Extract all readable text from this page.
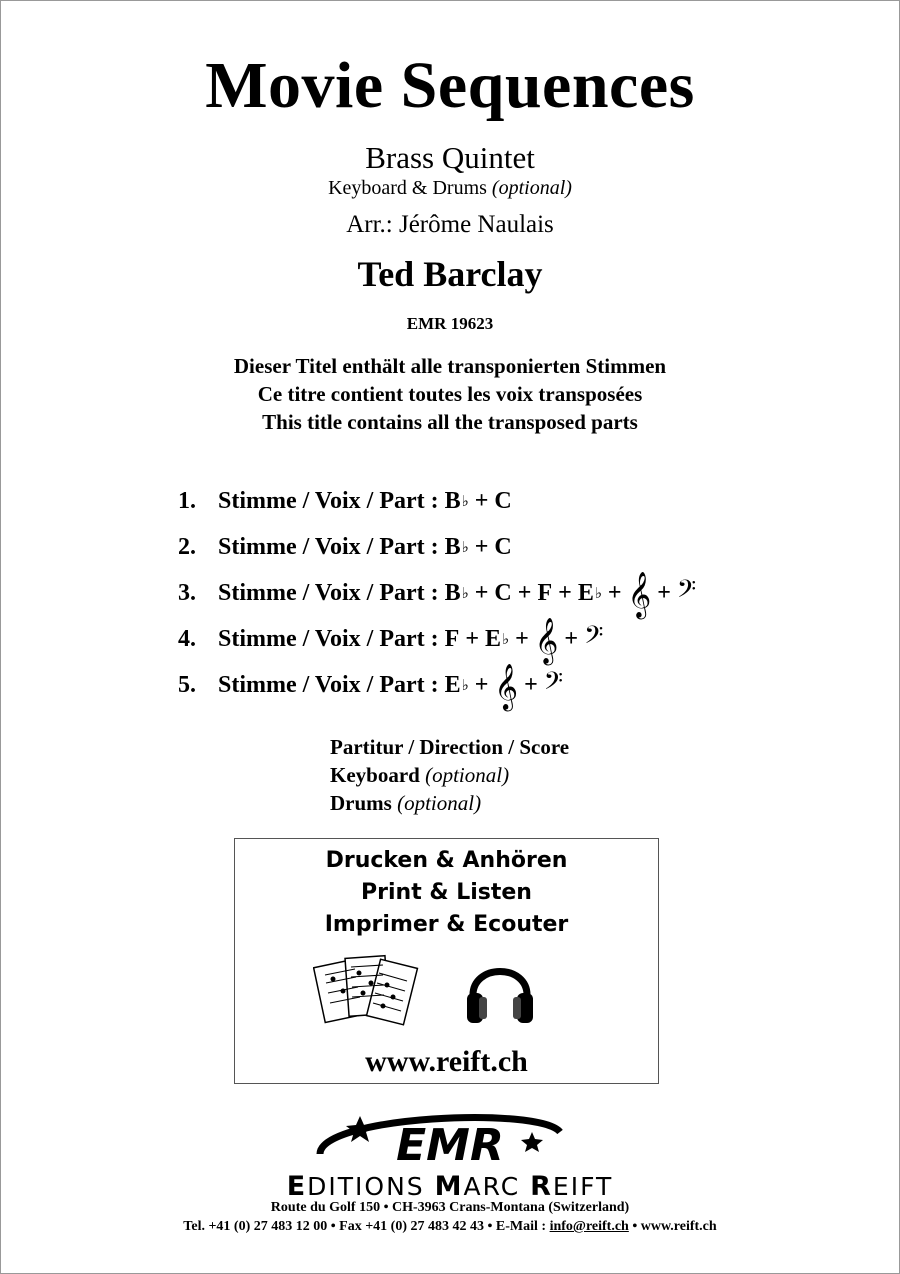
Movie Sequences
Brass Quintet
Keyboard & Drums (optional)
Arr.: Jérôme Naulais
Ted Barclay
EMR 19623
Dieser Titel enthält alle transponierten Stimmen
Ce titre contient toutes les voix transposées
This title contains all the transposed parts
1. Stimme / Voix / Part : B ♭ + C
2. Stimme / Voix / Part : B ♭ + C
3. Stimme / Voix / Part : B ♭ + C + F + E ♭ + 𝄞 + 𝄢
4. Stimme / Voix / Part : F + E ♭ + 𝄞 + 𝄢
5. Stimme / Voix / Part : E ♭ + 𝄞 + 𝄢
Partitur / Direction / Score
Keyboard (optional)
Drums (optional)
Drucken & Anhören
Print & Listen
Imprimer & Ecouter
www.reift.ch
EMR
EDITIONS MARC REIFT
Route du Golf 150 • CH-3963 Crans-Montana (Switzerland)
Tel. +41 (0) 27 483 12 00 • Fax +41 (0) 27 483 42 43 • E-Mail : info@reift.ch • www.reift.ch
